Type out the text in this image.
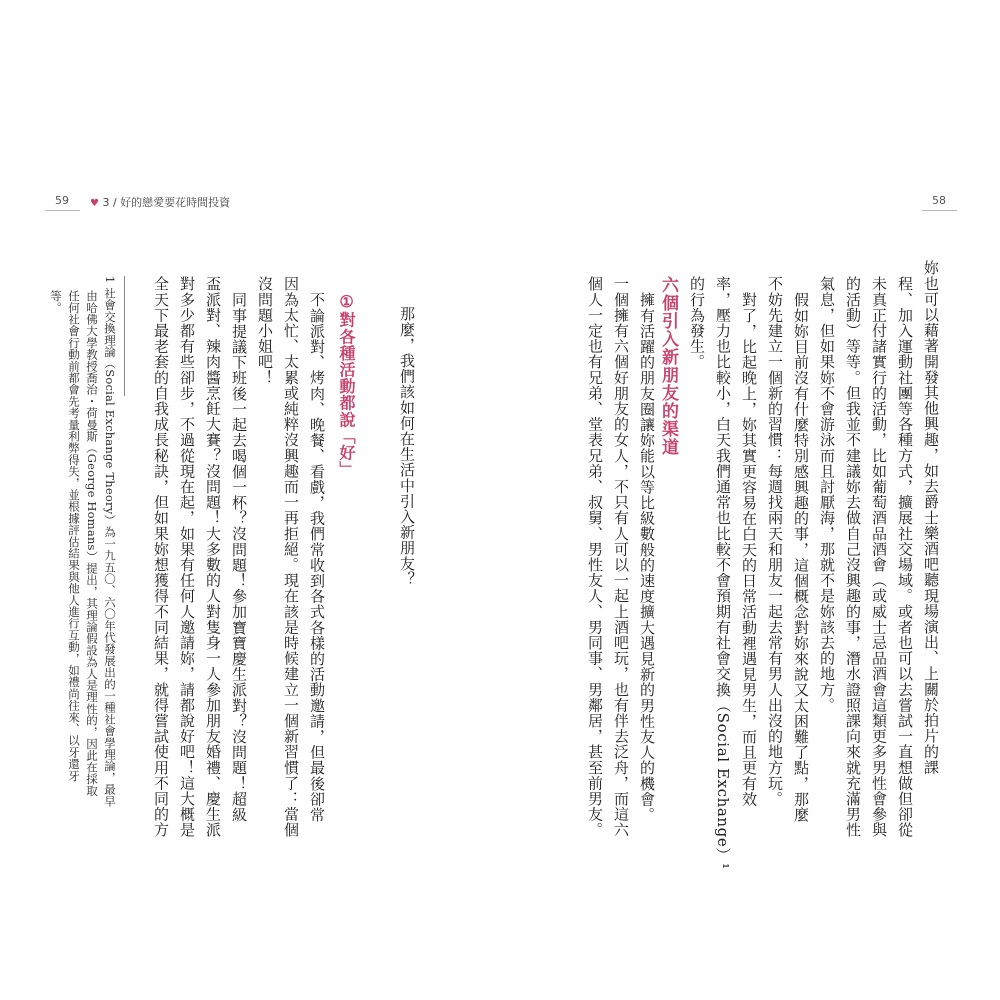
59 ♥ 3 / 好的戀愛要花時間投資	58
妳也可以藉著開發其他興趣，如去爵士樂酒吧聽現場演出、上關於拍片的課
程、加入運動社團等各種方式，擴展社交場域。或者也可以去嘗試一直想做但卻從
未真正付諸實行的活動，比如葡萄酒品酒會（或威士忌品酒會這類更多男性會參與
的活動）等等。但我並不建議妳去做自己沒興趣的事，潛水證照課向來就充滿男性
氣息，但如果妳不會游泳而且討厭海，那就不是妳該去的地方。
假如妳目前沒有什麼特別感興趣的事，這個概念對妳來說又太困難了點，那麼
不妨先建立一個新的習慣：每週找兩天和朋友一起去常有男人出沒的地方玩。
對了，比起晚上，妳其實更容易在白天的日常活動裡遇見男生，而且更有效
率，壓力也比較小，白天我們通常也比較不會預期有社會交換（Social Exchange）¹
的行為發生。
六個引入新朋友的渠道
擁有活躍的朋友圈讓妳能以等比級數般的速度擴大遇見新的男性友人的機會。
一個擁有六個好朋友的女人，不只有人可以一起上酒吧玩，也有伴去泛舟，而這六
個人一定也有兄弟、堂表兄弟、叔舅、男性友人、男同事、男鄰居，甚至前男友。
那麼，我們該如何在生活中引入新朋友？
①對各種活動都說「好」
不論派對、烤肉、晚餐、看戲，我們常收到各式各樣的活動邀請，但最後卻常
因為太忙、太累或純粹沒興趣而一再拒絕。現在該是時候建立一個新習慣了：當個
沒問題小姐吧！
同事提議下班後一起去喝個一杯？沒問題！參加寶寶慶生派對？沒問題！超級
盃派對、辣肉醬烹飪大賽？沒問題！大多數的人對隻身一人參加朋友婚禮、慶生派
對多少都有些卻步，不過從現在起，如果有任何人邀請妳，請都說好吧！這大概是
全天下最老套的自我成長秘訣，但如果妳想獲得不同結果，就得嘗試使用不同的方
1 社會交換理論（Social Exchange Theory）為一九五〇、六〇年代發展出的一種社會學理論，最早
由哈佛大學教授喬治・荷曼斯（George Homans）提出，其理論假設為人是理性的，因此在採取
任何社會行動前都會先考量利弊得失，並根據評估結果與他人進行互動，如禮尚往來、以牙還牙
等。
